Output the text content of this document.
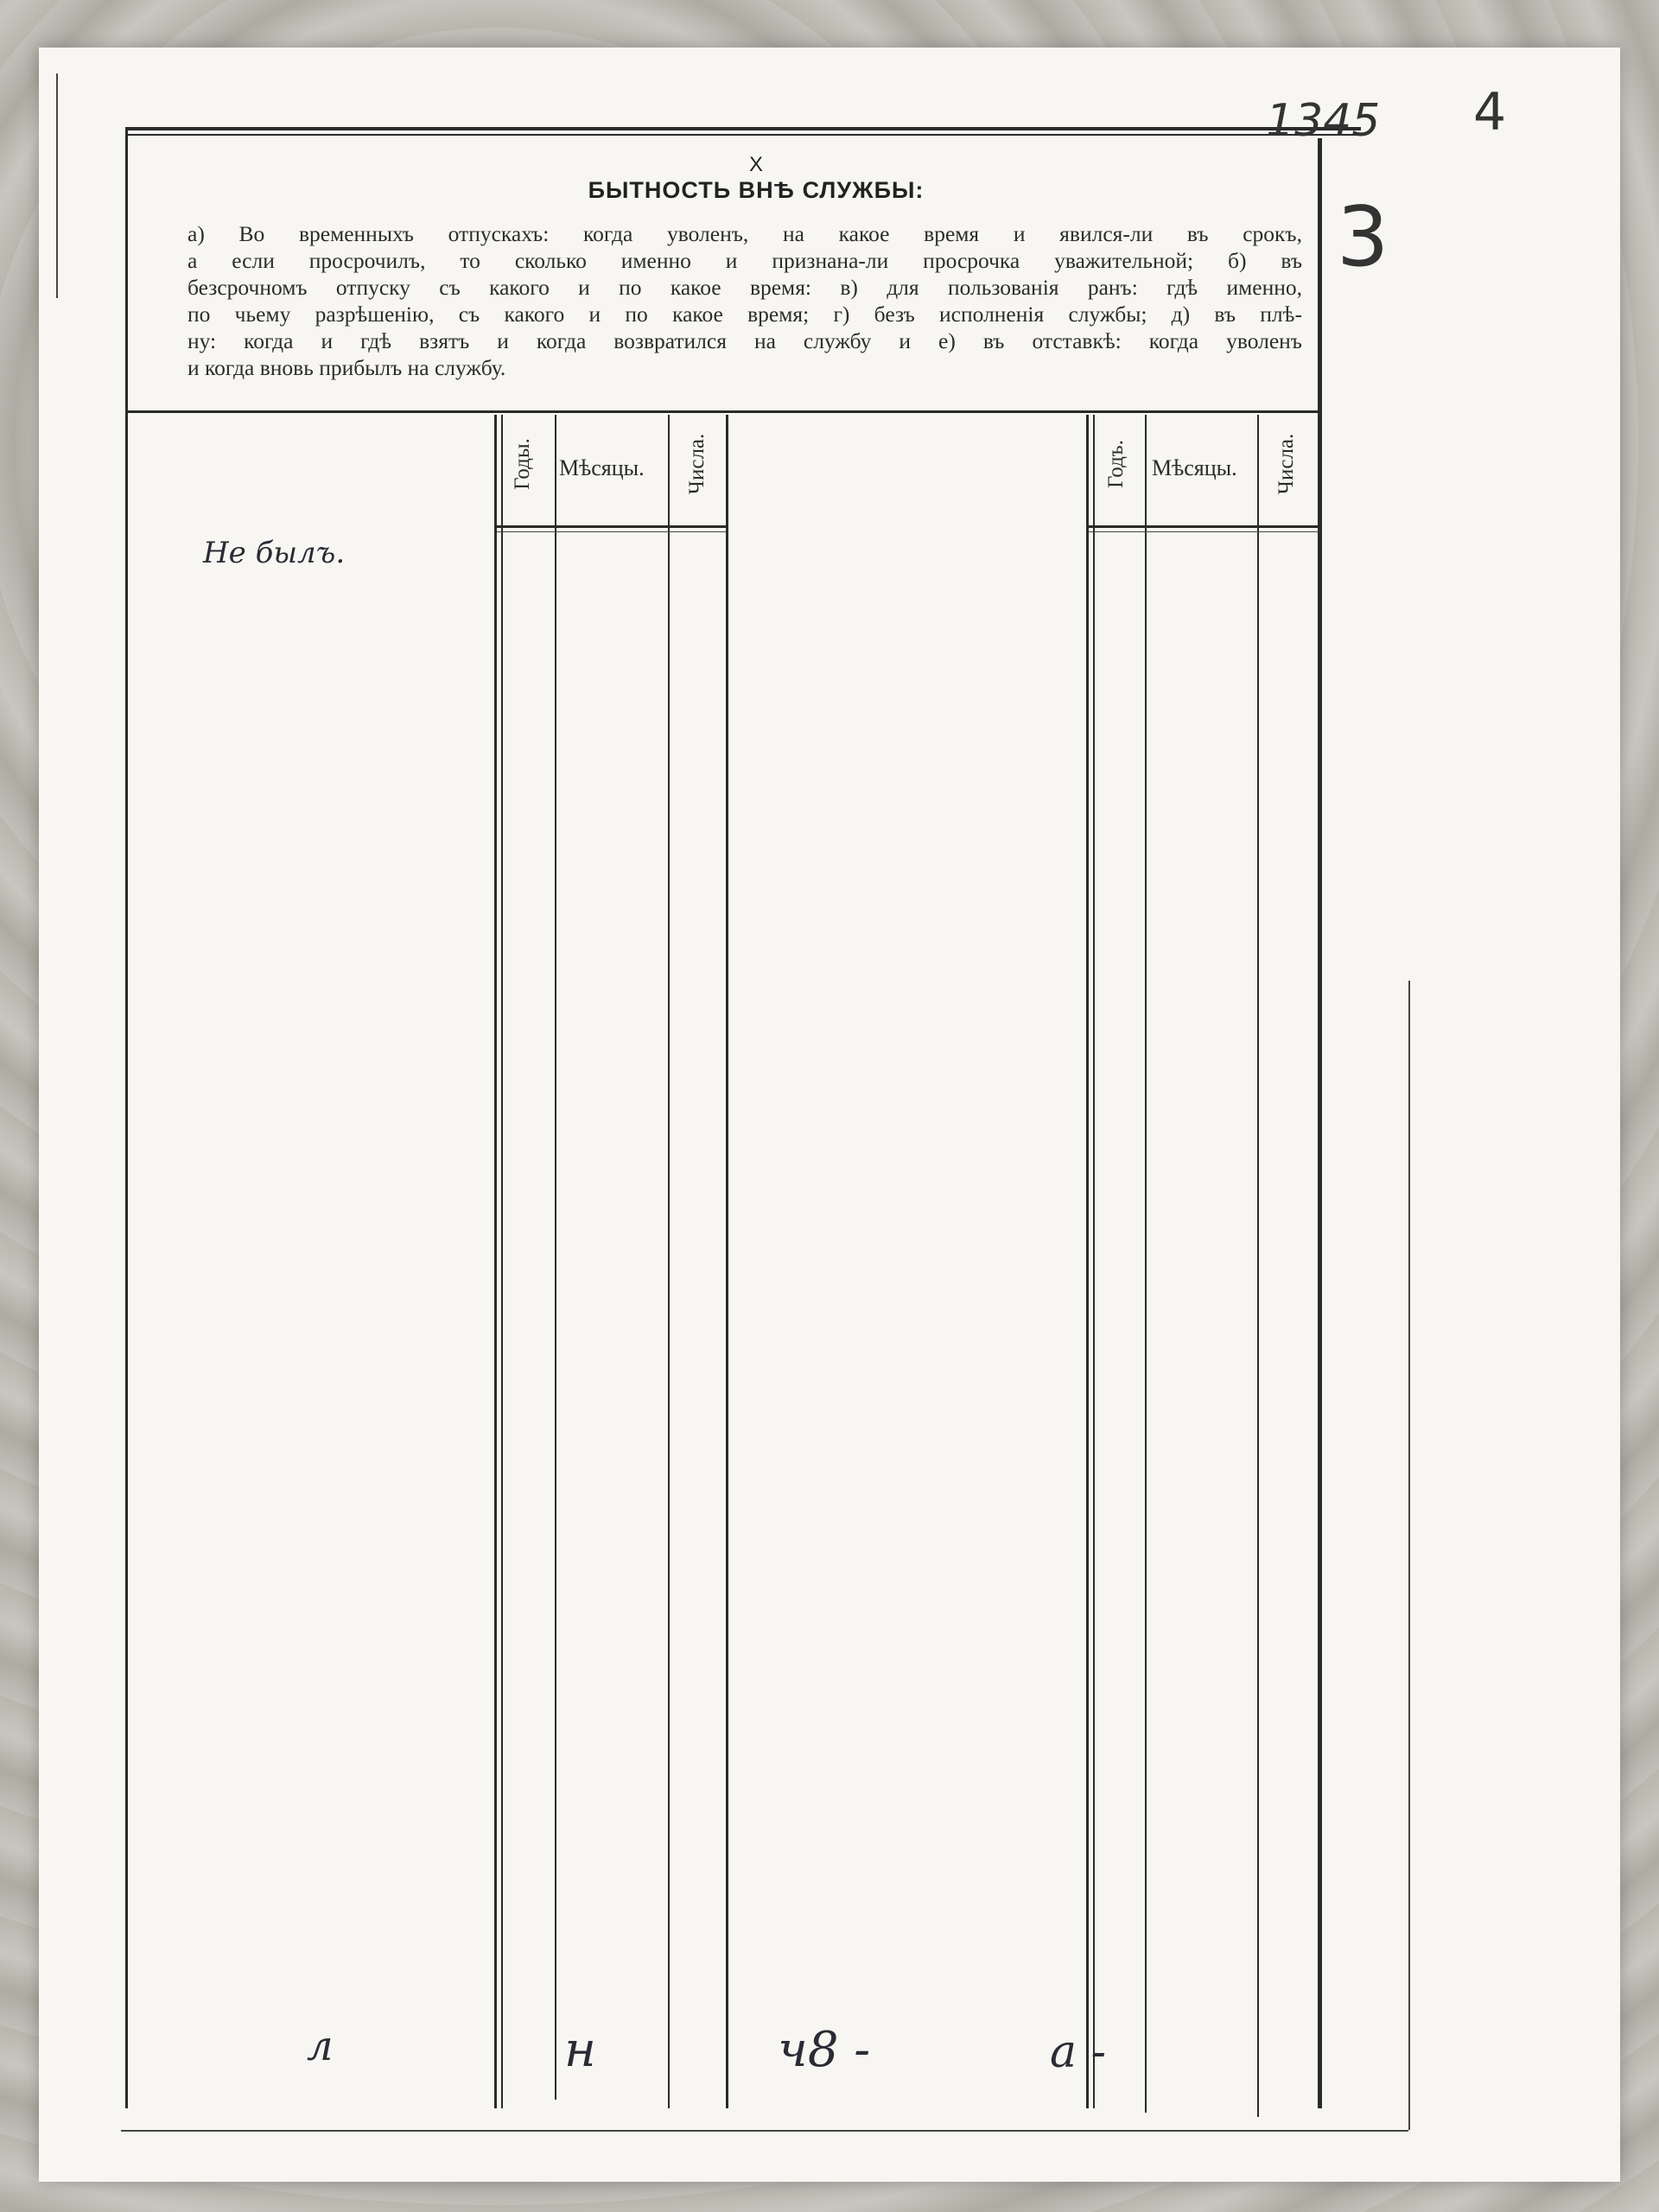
X
БЫТНОСТЬ ВНѢ СЛУЖБЫ:
а) Во временныхъ отпускахъ: когда уволенъ, на какое время и явился-ли въ срокъ,
а если просрочилъ, то сколько именно и признана-ли просрочка уважительной; б) въ
безсрочномъ отпуску съ какого и по какое время: в) для пользованія ранъ: гдѣ именно,
по чьему разрѣшенію, съ какого и по какое время; г) безъ исполненія службы; д) въ плѣ-
ну: когда и гдѣ взятъ и когда возвратился на службу и е) въ отставкѣ: когда уволенъ
и когда вновь прибылъ на службу.
Годы. Мѣсяцы. Числа.	Годъ. Мѣсяцы. Числа.
Не былъ.
4
1345
3
л	н	ч8 -	а -
